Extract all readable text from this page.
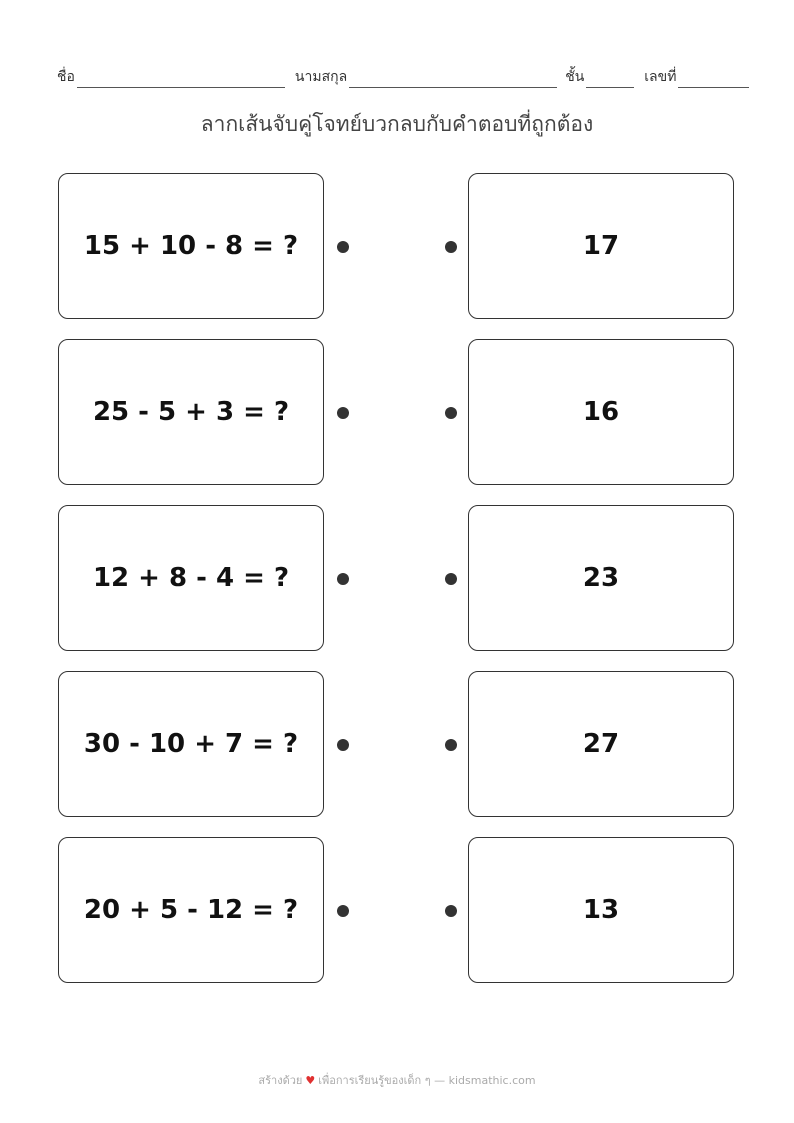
ชื่อ	นามสกุล	ชั้น	เลขที่
ลากเส้นจับคู่โจทย์บวกลบกับคำตอบที่ถูกต้อง
15 + 10 - 8 = ?	17
25 - 5 + 3 = ?	16
12 + 8 - 4 = ?	23
30 - 10 + 7 = ?	27
20 + 5 - 12 = ?	13
สร้างด้วย ♥ เพื่อการเรียนรู้ของเด็ก ๆ — kidsmathic.com
